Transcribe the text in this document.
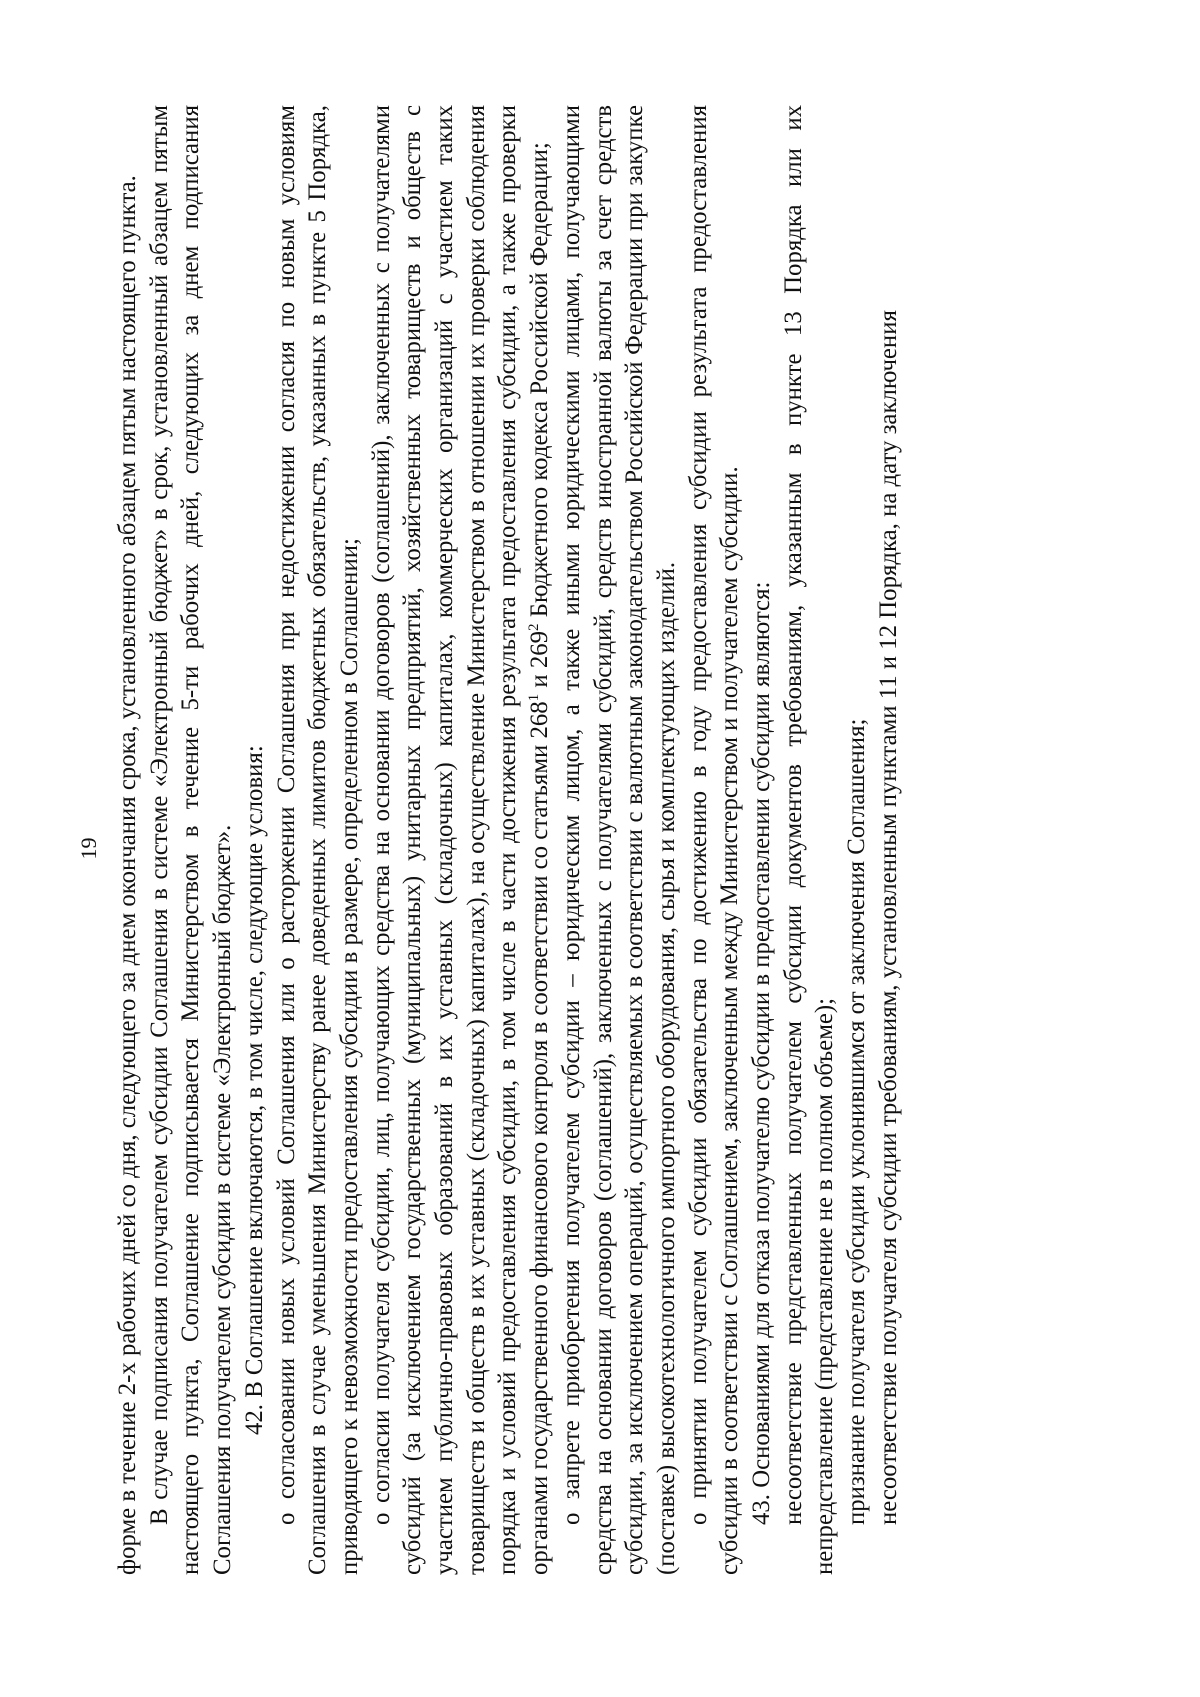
19 форме в течение 2-х рабочих дней со дня, следующего за днем окончания срока, установленного абзацем пятым настоящего пункта. В случае подписания получателем субсидии Соглашения в системе «Электронный бюджет» в срок, установленный абзацем пятым настоящего пункта, Соглашение подписывается Министерством в течение 5-ти рабочих дней, следующих за днем подписания Соглашения получателем субсидии в системе «Электронный бюджет». 42. В Соглашение включаются, в том числе, следующие условия: о согласовании новых условий Соглашения или о расторжении Соглашения при недостижении согласия по новым условиям Соглашения в случае уменьшения Министерству ранее доведенных лимитов бюджетных обязательств, указанных в пункте 5 Порядка, приводящего к невозможности предоставления субсидии в размере, определенном в Соглашении; о согласии получателя субсидии, лиц, получающих средства на основании договоров (соглашений), заключенных с получателями субсидий (за исключением государственных (муниципальных) унитарных предприятий, хозяйственных товариществ и обществ с участием публично-правовых образований в их уставных (складочных) капиталах, коммерческих организаций с участием таких товариществ и обществ в их уставных (складочных) капиталах), на осуществление Министерством в отношении их проверки соблюдения порядка и условий предоставления субсидии, в том числе в части достижения результата предоставления субсидии, а также проверки органами государственного финансового контроля в соответствии со статьями $268^1$ и $269^2$ Бюджетного кодекса Российской Федерации; о запрете приобретения получателем субсидии – юридическим лицом, а также иными юридическими лицами, получающими средства на основании договоров (соглашений), заключенных с получателями субсидий, средств иностранной валюты за счет средств субсидии, за исключением операций, осуществляемых в соответствии с валютным законодательством Российской Федерации при закупке (поставке) высокотехнологичного импортного оборудования, сырья и комплектующих изделий. о принятии получателем субсидии обязательства по достижению в году предоставления субсидии результата предоставления субсидии в соответствии с Соглашением, заключенным между Министерством и получателем субсидии. 43. Основаниями для отказа получателю субсидии в предоставлении субсидии являются: несоответствие представленных получателем субсидии документов требованиям, указанным в пункте 13 Порядка или их непредставление (представление не в полном объеме); признание получателя субсидии уклонившимся от заключения Соглашения; несоответствие получателя субсидии требованиям, установленным пунктами 11 и 12 Порядка, на дату заключения
